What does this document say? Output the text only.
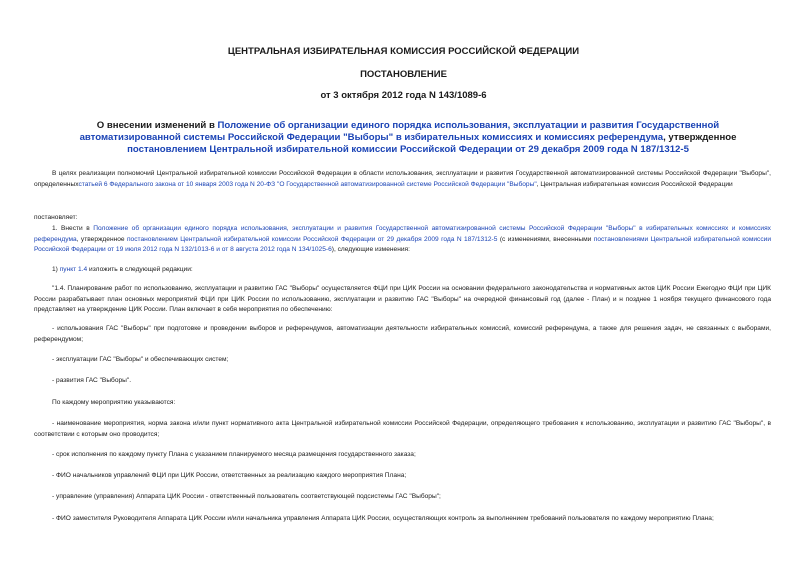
ЦЕНТРАЛЬНАЯ ИЗБИРАТЕЛЬНАЯ КОМИССИЯ РОССИЙСКОЙ ФЕДЕРАЦИИ
ПОСТАНОВЛЕНИЕ
от 3 октября 2012 года N 143/1089-6
О внесении изменений в Положение об организации единого порядка использования, эксплуатации и развития Государственной автоматизированной системы Российской Федерации "Выборы" в избирательных комиссиях и комиссиях референдума, утвержденное постановлением Центральной избирательной комиссии Российской Федерации от 29 декабря 2009 года N 187/1312-5
В целях реализации полномочий Центральной избирательной комиссии Российской Федерации в области использования, эксплуатации и развития Государственной автоматизированной системы Российской Федерации "Выборы", определенныхстатьей 6 Федерального закона от 10 января 2003 года N 20-ФЗ "О Государственной автоматизированной системе Российской Федерации "Выборы", Центральная избирательная комиссия Российской Федерации
постановляет:
1. Внести в Положение об организации единого порядка использования, эксплуатации и развития Государственной автоматизированной системы Российской Федерации "Выборы" в избирательных комиссиях и комиссиях референдума, утвержденное постановлением Центральной избирательной комиссии Российской Федерации от 29 декабря 2009 года N 187/1312-5 (с изменениями, внесенными постановлениями Центральной избирательной комиссии Российской Федерации от 19 июля 2012 года N 132/1013-6 и от 8 августа 2012 года N 134/1025-6), следующие изменения:
1) пункт 1.4 изложить в следующей редакции:
"1.4. Планирование работ по использованию, эксплуатации и развитию ГАС "Выборы" осуществляется ФЦИ при ЦИК России на основании федерального законодательства и нормативных актов ЦИК России Ежегодно ФЦИ при ЦИК России разрабатывает план основных мероприятий ФЦИ при ЦИК России по использованию, эксплуатации и развитию ГАС "Выборы" на очередной финансовый год (далее - План) и н позднее 1 ноября текущего финансового года представляет на утверждение ЦИК России. План включает в себя мероприятия по обеспечению:
- использования ГАС "Выборы" при подготовке и проведении выборов и референдумов, автоматизации деятельности избирательных комиссий, комиссий референдума, а также для решения задач, не связанных с выборами, референдумом;
- эксплуатации ГАС "Выборы" и обеспечивающих систем;
- развития ГАС "Выборы".
По каждому мероприятию указываются:
- наименование мероприятия, норма закона и/или пункт нормативного акта Центральной избирательной комиссии Российской Федерации, определяющего требования к использованию, эксплуатации и развитию ГАС "Выборы", в соответствии с которым оно проводится;
- срок исполнения по каждому пункту Плана с указанием планируемого месяца размещения государственного заказа;
- ФИО начальников управлений ФЦИ при ЦИК России, ответственных за реализацию каждого мероприятия Плана;
- управление (управления) Аппарата ЦИК России - ответственный пользователь соответствующей подсистемы ГАС "Выборы";
- ФИО заместителя Руководителя Аппарата ЦИК России и/или начальника управления Аппарата ЦИК России, осуществляющих контроль за выполнением требований пользователя по каждому мероприятию Плана;
